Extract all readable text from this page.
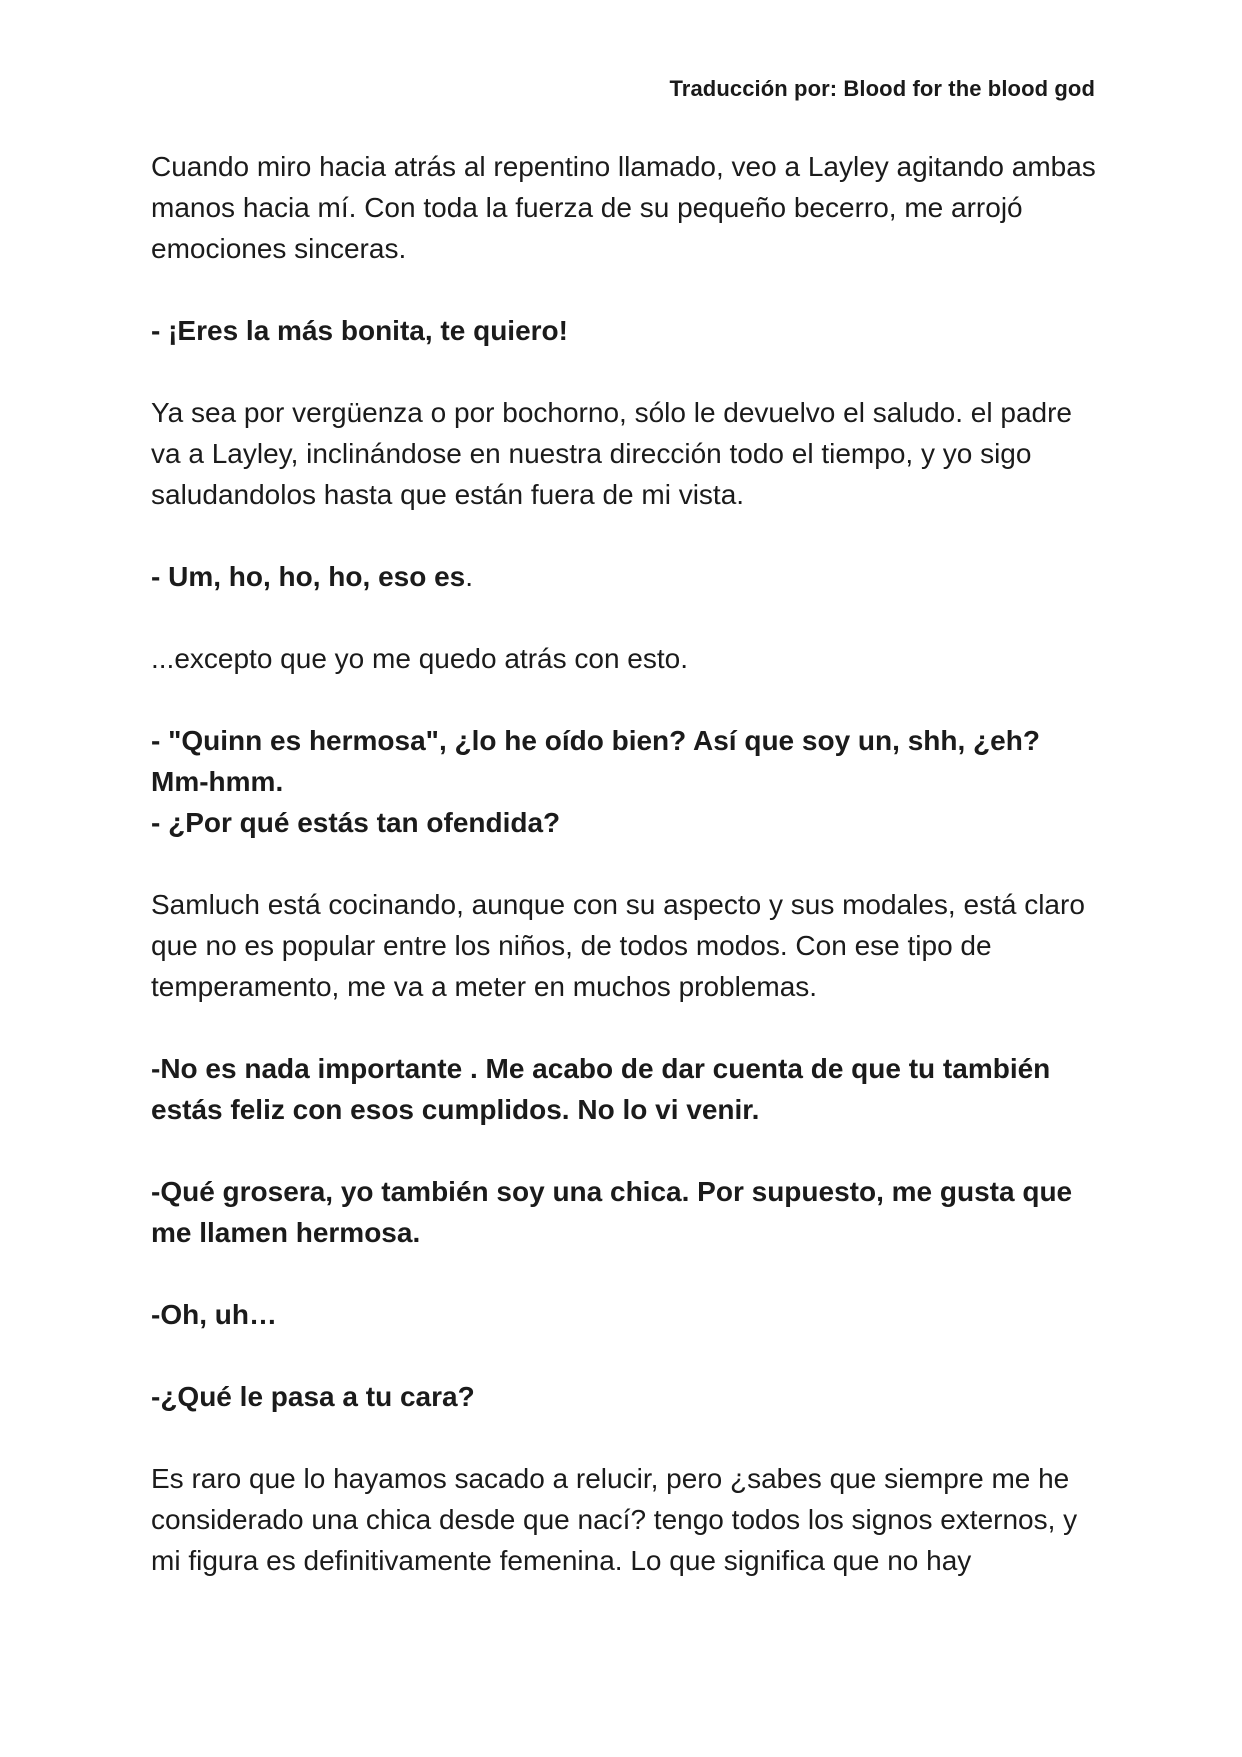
Traducción por: Blood for the blood god

Cuando miro hacia atrás al repentino llamado, veo a Layley agitando ambas manos hacia mí. Con toda la fuerza de su pequeño becerro, me arrojó emociones sinceras.

- ¡Eres la más bonita, te quiero!

Ya sea por vergüenza o por bochorno, sólo le devuelvo el saludo. el padre va a Layley, inclinándose en nuestra dirección todo el tiempo, y yo sigo saludandolos hasta que están fuera de mi vista.

- Um, ho, ho, ho, eso es.

...excepto que yo me quedo atrás con esto.

- "Quinn es hermosa", ¿lo he oído bien? Así que soy un, shh, ¿eh? Mm-hmm.

- ¿Por qué estás tan ofendida?

Samluch está cocinando, aunque con su aspecto y sus modales, está claro que no es popular entre los niños, de todos modos. Con ese tipo de temperamento, me va a meter en muchos problemas.

-No es nada importante . Me acabo de dar cuenta de que tu también estás feliz con esos cumplidos. No lo vi venir.

-Qué grosera, yo también soy una chica. Por supuesto, me gusta que me llamen hermosa.

-Oh, uh…

-¿Qué le pasa a tu cara?

Es raro que lo hayamos sacado a relucir, pero ¿sabes que siempre me he considerado una chica desde que nací? tengo todos los signos externos, y mi figura es definitivamente femenina. Lo que significa que no hay
